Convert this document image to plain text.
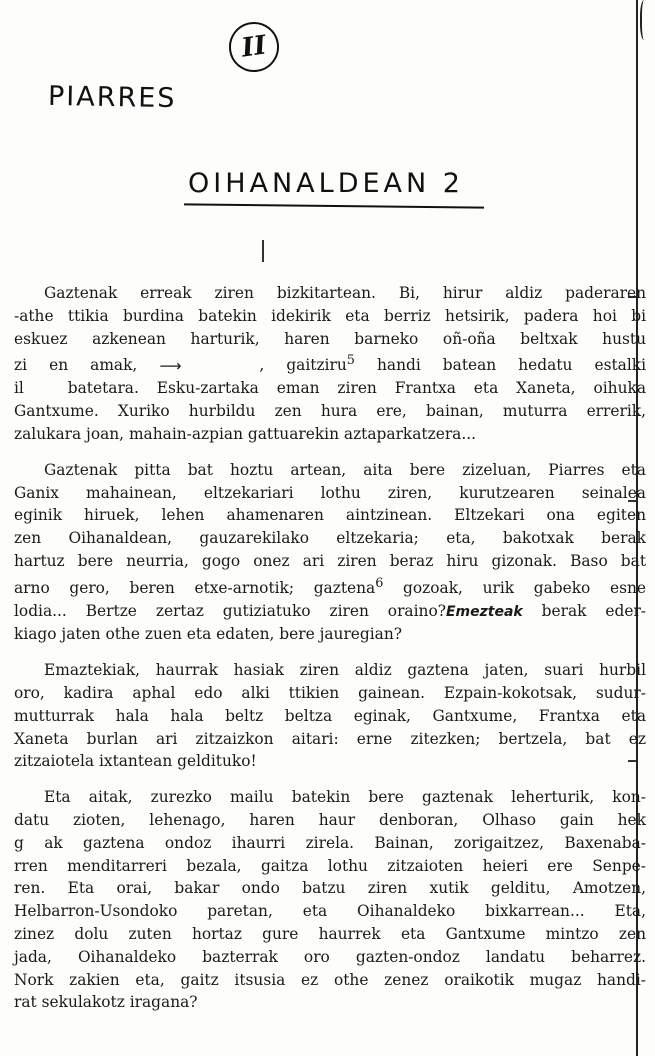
II
PIARRES
OIHANALDEAN 2
Gaztenak erreak ziren bizkitartean. Bi, hirur aldiz paderaren
-athe ttikia burdina batekin idekirik eta berriz hetsirik, padera hoi bi
eskuez azkenean harturik, haren barneko oñ-oña beltxak hustu
zi en amak, ⟶	, gaitziru$^5$ handi batean hedatu estalki
il batetara. Esku-zartaka eman ziren Frantxa eta Xaneta, oihuka
Gantxume. Xuriko hurbildu zen hura ere, bainan, muturra errerik,
zalukara joan, mahain-azpian gattuarekin aztaparkatzera...
Gaztenak pitta bat hoztu artean, aita bere zizeluan, Piarres eta
Ganix mahainean, eltzekariari lothu ziren, kurutzearen seinalea
eginik hiruek, lehen ahamenaren aintzinean. Eltzekari ona egiten
zen Oihanaldean, gauzarekilako eltzekaria; eta, bakotxak berak
hartuz bere neurria, gogo onez ari ziren beraz hiru gizonak. Baso bat
arno gero, beren etxe-arnotik; gaztena$^6$ gozoak, urik gabeko esne
lodia... Bertze zertaz gutiziatuko ziren oraino?Emezteak berak eder-
kiago jaten othe zuen eta edaten, bere jauregian?
Emaztekiak, haurrak hasiak ziren aldiz gaztena jaten, suari hurbil
oro, kadira aphal edo alki ttikien gainean. Ezpain-kokotsak, sudur-
mutturrak hala hala beltz beltza eginak, Gantxume, Frantxa eta
Xaneta burlan ari zitzaizkon aitari: erne zitezken; bertzela, bat ez
zitzaiotela ixtantean geldituko!
Eta aitak, zurezko mailu batekin bere gaztenak leherturik, kon-
datu zioten, lehenago, haren haur denboran, Olhaso gain hek
g ak gaztena ondoz ihaurri zirela. Bainan, zorigaitzez, Baxenaba-
rren menditarreri bezala, gaitza lothu zitzaioten heieri ere Senpe-
ren. Eta orai, bakar ondo batzu ziren xutik gelditu, Amotzen,
Helbarron-Usondoko paretan, eta Oihanaldeko bixkarrean... Eta,
zinez dolu zuten hortaz gure haurrek eta Gantxume mintzo zen
jada, Oihanaldeko bazterrak oro gazten-ondoz landatu beharrez.
Nork zakien eta, gaitz itsusia ez othe zenez oraikotik mugaz handi-
rat sekulakotz iragana?
